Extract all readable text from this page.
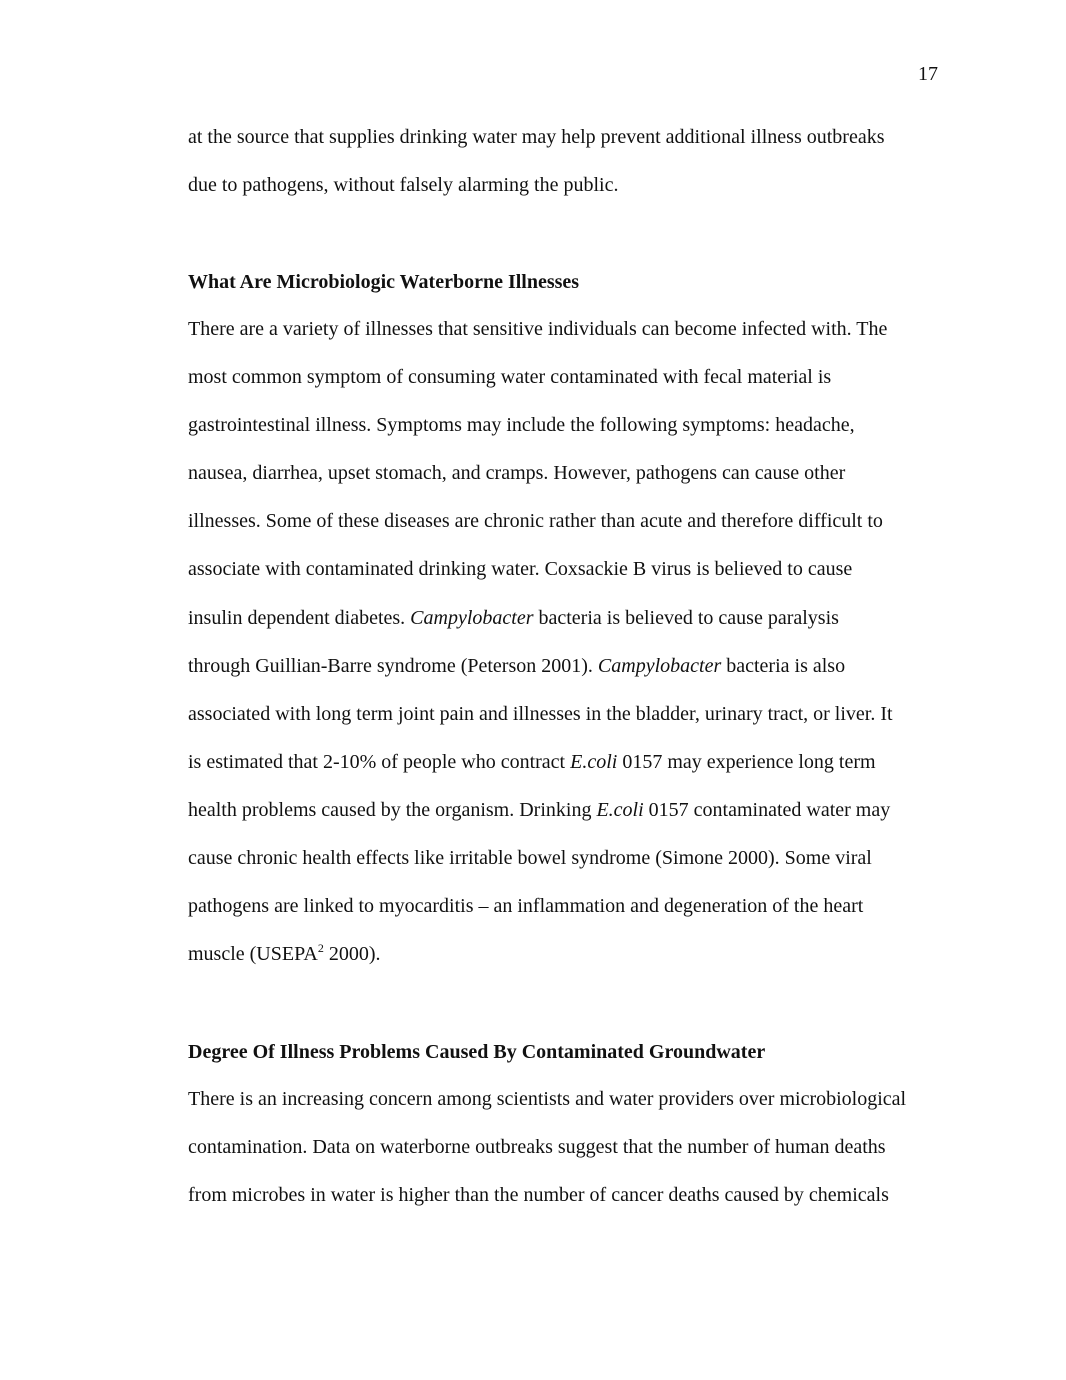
17
at the source that supplies drinking water may help prevent additional illness outbreaks
due to pathogens, without falsely alarming the public.
What Are Microbiologic Waterborne Illnesses
There are a variety of illnesses that sensitive individuals can become infected with. The
most common symptom of consuming water contaminated with fecal material is
gastrointestinal illness. Symptoms may include the following symptoms: headache,
nausea, diarrhea, upset stomach, and cramps. However, pathogens can cause other
illnesses. Some of these diseases are chronic rather than acute and therefore difficult to
associate with contaminated drinking water. Coxsackie B virus is believed to cause
insulin dependent diabetes. Campylobacter bacteria is believed to cause paralysis
through Guillian-Barre syndrome (Peterson 2001). Campylobacter bacteria is also
associated with long term joint pain and illnesses in the bladder, urinary tract, or liver. It
is estimated that 2-10% of people who contract E.coli 0157 may experience long term
health problems caused by the organism. Drinking E.coli 0157 contaminated water may
cause chronic health effects like irritable bowel syndrome (Simone 2000). Some viral
pathogens are linked to myocarditis – an inflammation and degeneration of the heart
muscle (USEPA$^2$ 2000).
Degree Of Illness Problems Caused By Contaminated Groundwater
There is an increasing concern among scientists and water providers over microbiological
contamination. Data on waterborne outbreaks suggest that the number of human deaths
from microbes in water is higher than the number of cancer deaths caused by chemicals
